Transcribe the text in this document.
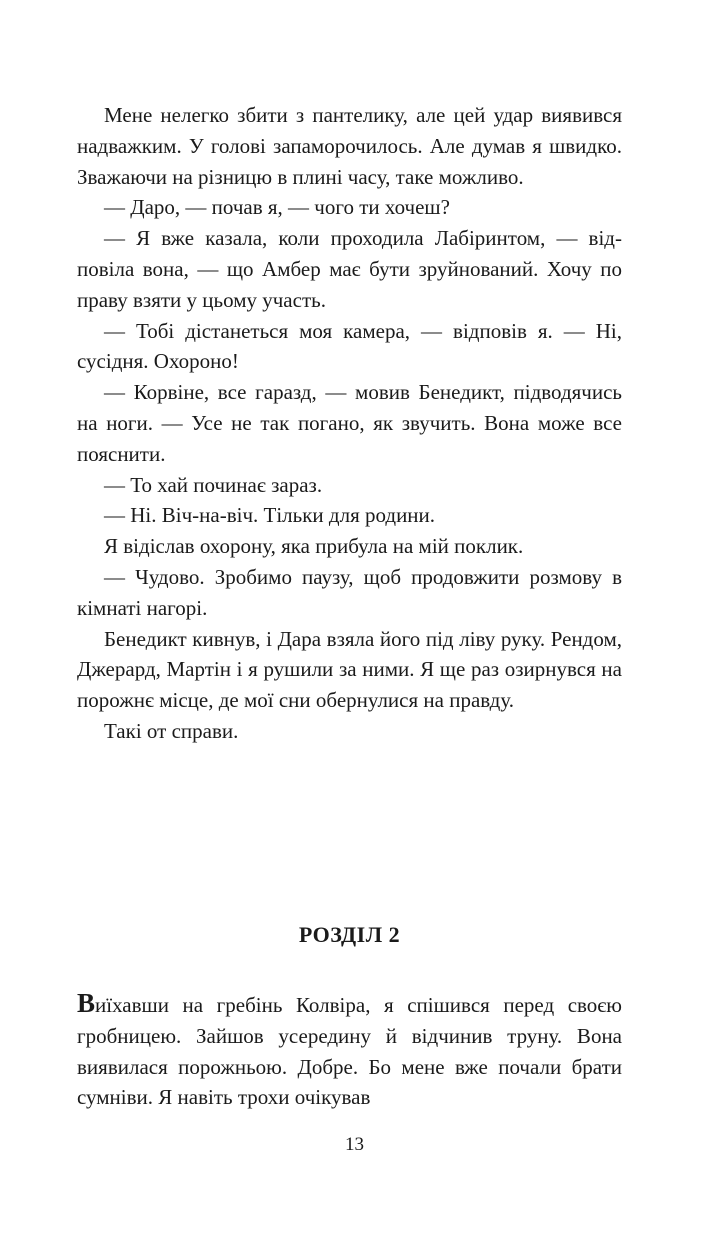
Мене нелегко збити з пантелику, але цей удар виявився надважким. У голові запаморочилось. Але думав я швидко. Зважаючи на різницю в плині часу, таке можливо.

— Даро, — почав я, — чого ти хочеш?

— Я вже казала, коли проходила Лабіринтом, — відповіла вона, — що Амбер має бути зруйнований. Хочу по праву взяти у цьому участь.

— Тобі дістанеться моя камера, — відповів я. — Ні, сусідня. Охороно!

— Корвіне, все гаразд, — мовив Бенедикт, підводячись на ноги. — Усе не так погано, як звучить. Вона може все пояснити.

— То хай починає зараз.

— Ні. Віч-на-віч. Тільки для родини.

Я відіслав охорону, яка прибула на мій поклик.

— Чудово. Зробимо паузу, щоб продовжити розмову в кімнаті нагорі.

Бенедикт кивнув, і Дара взяла його під ліву руку. Рендом, Джерард, Мартін і я рушили за ними. Я ще раз озирнувся на порожнє місце, де мої сни обернулися на правду.

Такі от справи.

РОЗДІЛ 2

Виїхавши на гребінь Колвіра, я спішився перед своєю гробницею. Зайшов усередину й відчинив труну. Вона виявилася порожньою. Добре. Бо мене вже почали брати сумніви. Я навіть трохи очікував

13
